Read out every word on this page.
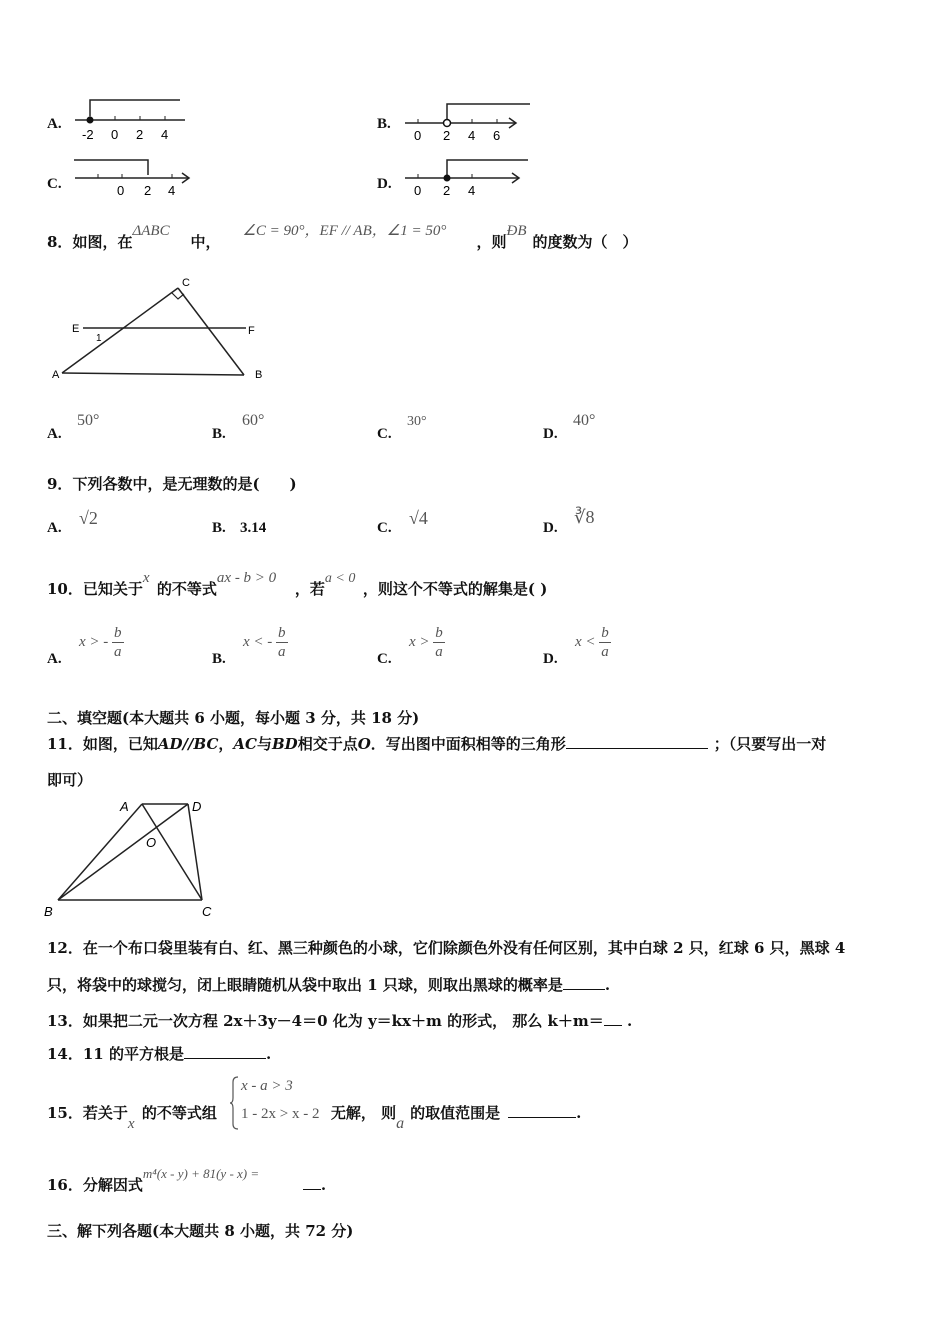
A.
-2 0 2 4
B.
0 2 4 6
C.	0 2 4	D. 0 2 4
8．如图，在ΔABC中，∠C = 90°，EF // AB，∠1 = 50°，则ÐB的度数为（　）
C
E	F
A	B
1
A.
50°
B.
60°
C.
30°
D.
40°
9．下列各数中，是无理数的是(　　)
A. √2	B. 3.14	C. √4	D.
∛8
10．已知关于x的不等式ax - b > 0，若a < 0，则这个不等式的解集是( )
A.
x > - $\frac{b}{a}$	B.
x < - $\frac{b}{a}$	C.
$x > \frac{b}{a}$	D.
$x < \frac{b}{a}$
二、填空题(本大题共 6 小题，每小题 3 分，共 18 分)
11．如图，已知AD//BC，AC与BD相交于点O．写出图中面积相等的三角形	；（只要写出一对
即可）
A	D
O
B	C
12．在一个布口袋里装有白、红、黑三种颜色的小球，它们除颜色外没有任何区别，其中白球 2 只，红球 6 只，黑球 4
只，将袋中的球搅匀，闭上眼睛随机从袋中取出 1 只球，则取出黑球的概率是	.
13．如果把二元一次方程 2x＋3y－4＝0 化为 y＝kx＋m 的形式， 那么 k＋m＝ .
14．11 的平方根是	.
15．若关于x的不等式组	无解， 则a的取值范围是	.
x - a > 3
1 - 2x > x - 2
16．分解因式m⁴(x - y) + 81(y - x) =.
三、解下列各题(本大题共 8 小题，共 72 分)
